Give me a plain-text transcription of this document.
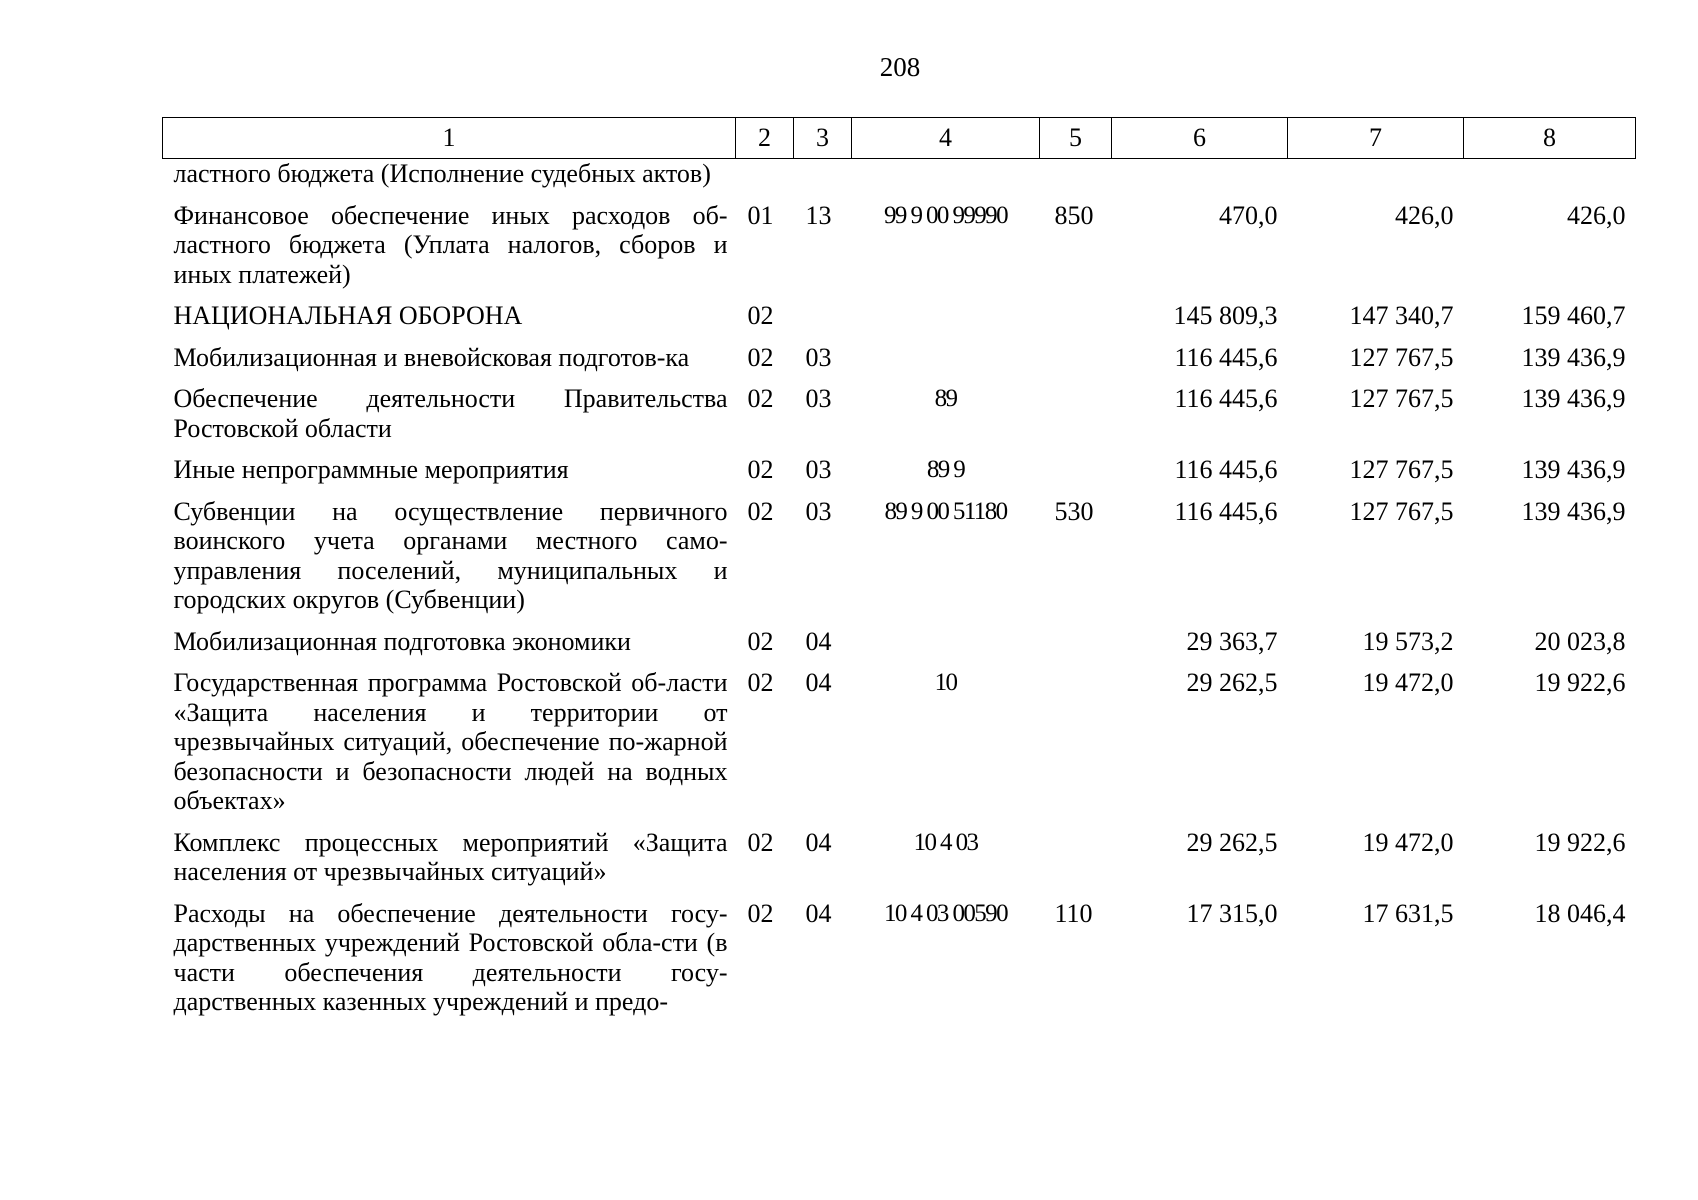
208
1	2	3	4	5	6	7	8
ластного бюджета (Исполнение судебных актов)							
Финансовое обеспечение иных расходов об-ластного бюджета (Уплата налогов, сборов и иных платежей)	01	13	99 9 00 99990	850	470,0	426,0	426,0
НАЦИОНАЛЬНАЯ ОБОРОНА	02				145 809,3	147 340,7	159 460,7
Мобилизационная и вневойсковая подготов-ка	02	03			116 445,6	127 767,5	139 436,9
Обеспечение деятельности Правительства Ростовской области	02	03	89		116 445,6	127 767,5	139 436,9
Иные непрограммные мероприятия	02	03	89 9		116 445,6	127 767,5	139 436,9
Субвенции на осуществление первичного воинского учета органами местного само-управления поселений, муниципальных и городских округов (Субвенции)	02	03	89 9 00 51180	530	116 445,6	127 767,5	139 436,9
Мобилизационная подготовка экономики	02	04			29 363,7	19 573,2	20 023,8
Государственная программа Ростовской об-ласти «Защита населения и территории от чрезвычайных ситуаций, обеспечение по-жарной безопасности и безопасности людей на водных объектах»	02	04	10		29 262,5	19 472,0	19 922,6
Комплекс процессных мероприятий «Защита населения от чрезвычайных ситуаций»	02	04	10 4 03		29 262,5	19 472,0	19 922,6
Расходы на обеспечение деятельности госу-дарственных учреждений Ростовской обла-сти (в части обеспечения деятельности госу-дарственных казенных учреждений и предо-	02	04	10 4 03 00590	110	17 315,0	17 631,5	18 046,4
